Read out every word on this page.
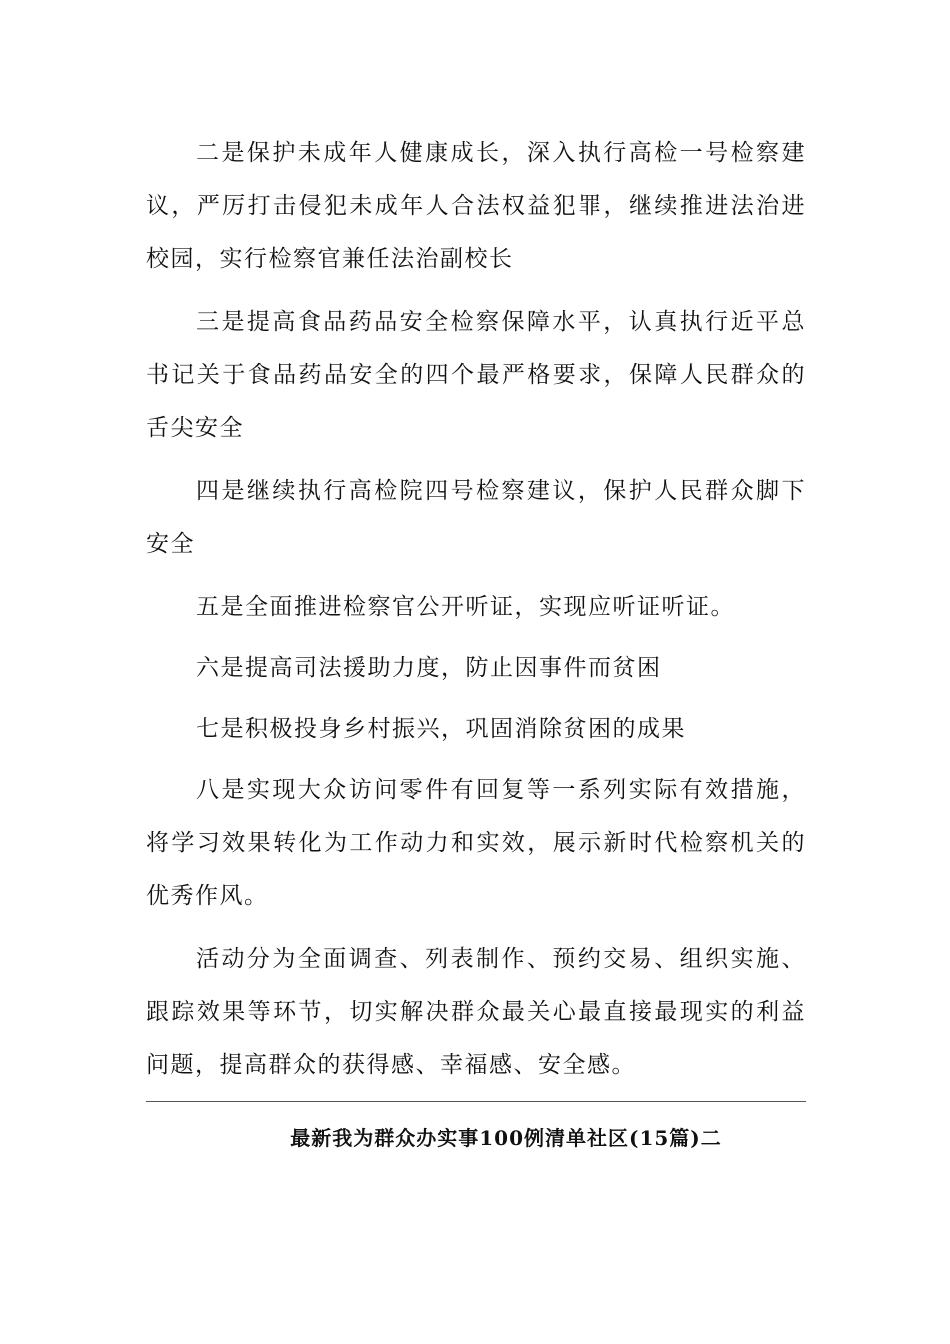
二是保护未成年人健康成长，深入执行高检一号检察建议，严厉打击侵犯未成年人合法权益犯罪，继续推进法治进校园，实行检察官兼任法治副校长

三是提高食品药品安全检察保障水平，认真执行近平总书记关于食品药品安全的四个最严格要求，保障人民群众的舌尖安全

四是继续执行高检院四号检察建议，保护人民群众脚下安全

五是全面推进检察官公开听证，实现应听证听证。

六是提高司法援助力度，防止因事件而贫困

七是积极投身乡村振兴，巩固消除贫困的成果

八是实现大众访问零件有回复等一系列实际有效措施，将学习效果转化为工作动力和实效，展示新时代检察机关的优秀作风。

活动分为全面调查、列表制作、预约交易、组织实施、跟踪效果等环节，切实解决群众最关心最直接最现实的利益问题，提高群众的获得感、幸福感、安全感。

最新我为群众办实事100例清单社区(15篇)二
